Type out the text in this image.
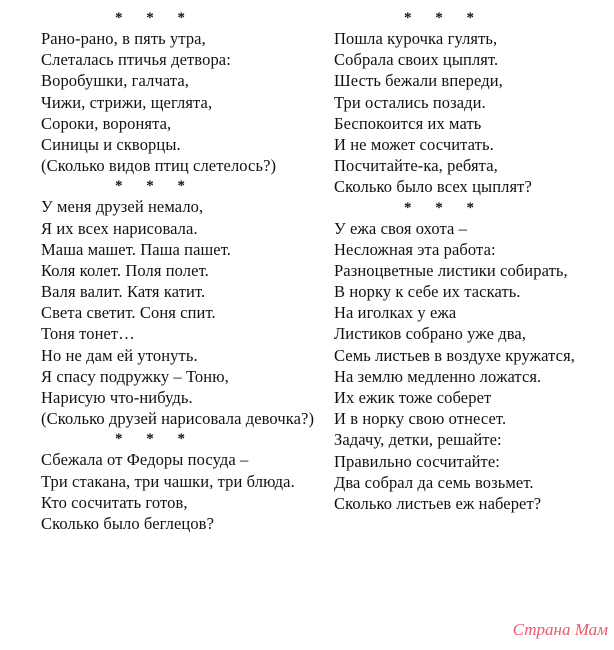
* * *
Рано-рано, в пять утра,
Слеталась птичья детвора:
Воробушки, галчата,
Чижи, стрижи, щеглята,
Сороки, воронята,
Синицы и скворцы.
(Сколько видов птиц слетелось?)
* * *
У меня друзей немало,
Я их всех нарисовала.
Маша машет. Паша пашет.
Коля колет. Поля полет.
Валя валит. Катя катит.
Света светит. Соня спит.
Тоня тонет…
Но не дам ей утонуть.
Я спасу подружку – Тоню,
Нарисую что-нибудь.
(Сколько друзей нарисовала девочка?)
* * *
Сбежала от Федоры посуда –
Три стакана, три чашки, три блюда.
Кто сосчитать готов,
Сколько было беглецов?
* * *
Пошла курочка гулять,
Собрала своих цыплят.
Шесть бежали впереди,
Три остались позади.
Беспокоится их мать
И не может сосчитать.
Посчитайте-ка, ребята,
Сколько было всех цыплят?
* * *
У ежа своя охота –
Несложная эта работа:
Разноцветные листики собирать,
В норку к себе их таскать.
На иголках у ежа
Листиков собрано уже два,
Семь листьев в воздухе кружатся,
На землю медленно ложатся.
Их ежик тоже соберет
И в норку свою отнесет.
Задачу, детки, решайте:
Правильно сосчитайте:
Два собрал да семь возьмет.
Сколько листьев еж наберет?
Страна Мам
